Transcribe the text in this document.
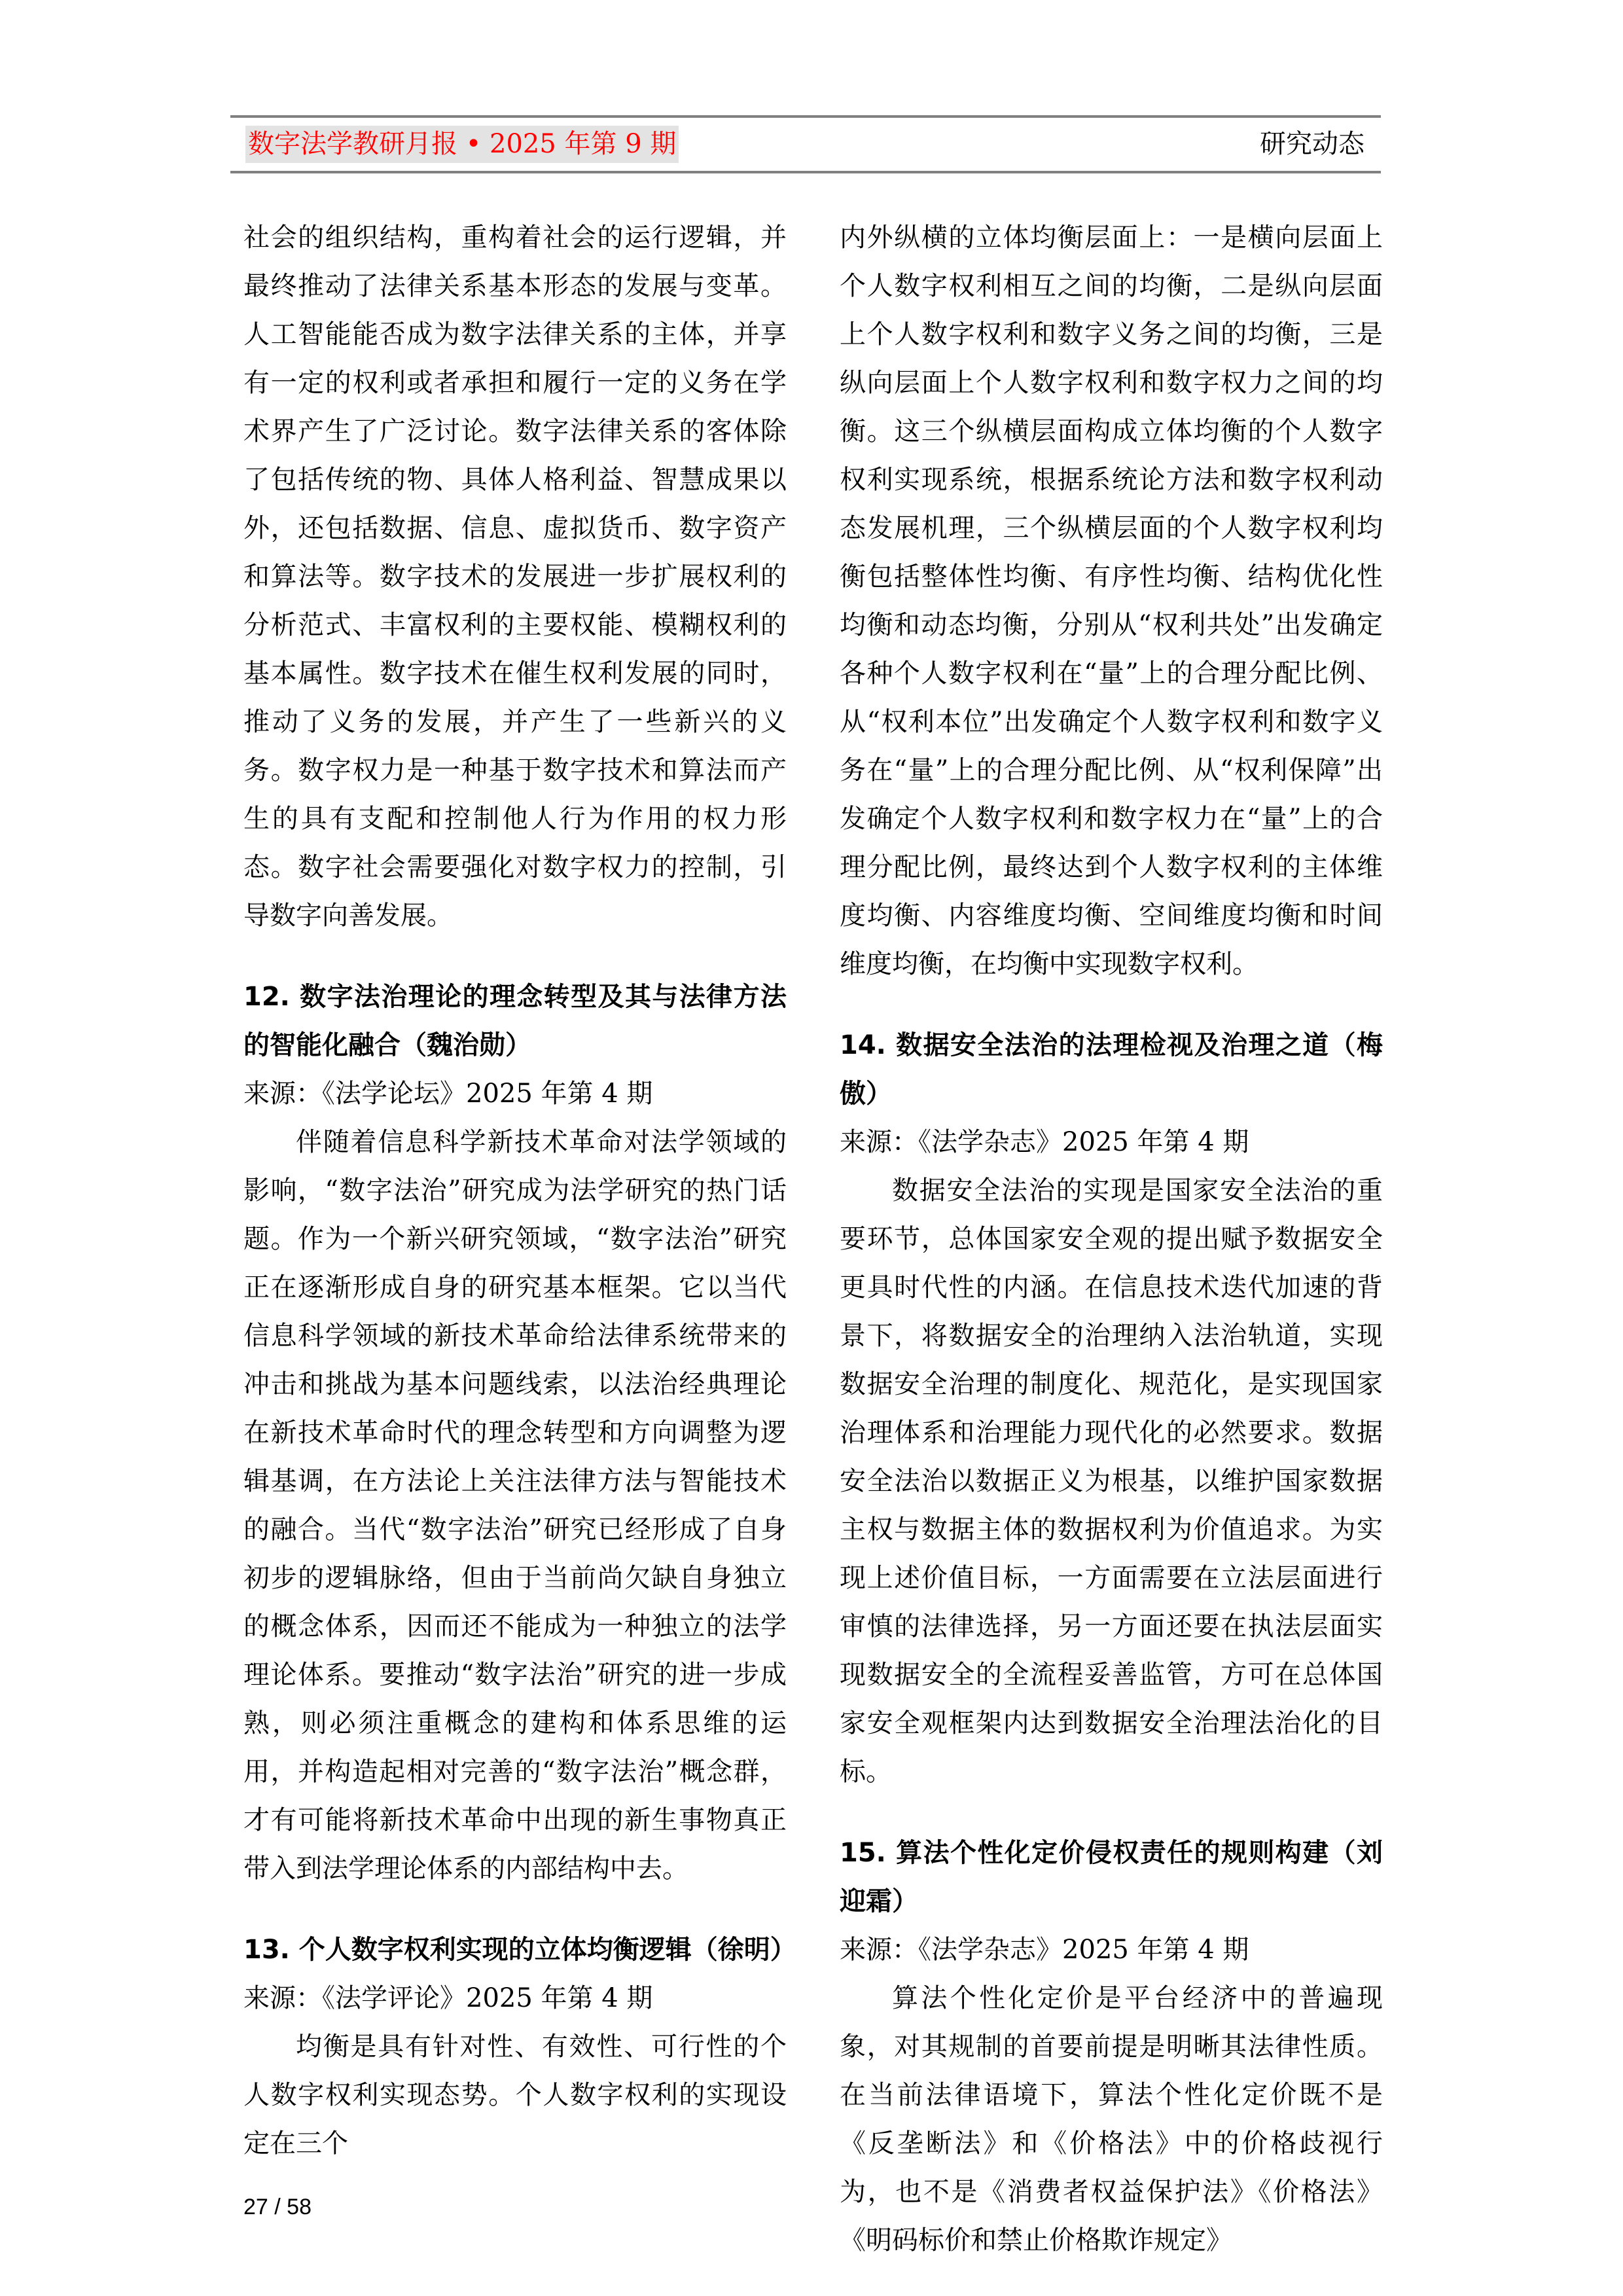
数字法学教研月报 • 2025 年第 9 期	研究动态

社会的组织结构，重构着社会的运行逻辑，并最终推动了法律关系基本形态的发展与变革。人工智能能否成为数字法律关系的主体，并享有一定的权利或者承担和履行一定的义务在学术界产生了广泛讨论。数字法律关系的客体除了包括传统的物、具体人格利益、智慧成果以外，还包括数据、信息、虚拟货币、数字资产和算法等。数字技术的发展进一步扩展权利的分析范式、丰富权利的主要权能、模糊权利的基本属性。数字技术在催生权利发展的同时，推动了义务的发展，并产生了一些新兴的义务。数字权力是一种基于数字技术和算法而产生的具有支配和控制他人行为作用的权力形态。数字社会需要强化对数字权力的控制，引导数字向善发展。

12. 数字法治理论的理念转型及其与法律方法的智能化融合（魏治勋）

来源：《法学论坛》2025 年第 4 期

伴随着信息科学新技术革命对法学领域的影响，“数字法治”研究成为法学研究的热门话题。作为一个新兴研究领域，“数字法治”研究正在逐渐形成自身的研究基本框架。它以当代信息科学领域的新技术革命给法律系统带来的冲击和挑战为基本问题线索，以法治经典理论在新技术革命时代的理念转型和方向调整为逻辑基调，在方法论上关注法律方法与智能技术的融合。当代“数字法治”研究已经形成了自身初步的逻辑脉络，但由于当前尚欠缺自身独立的概念体系，因而还不能成为一种独立的法学理论体系。要推动“数字法治”研究的进一步成熟，则必须注重概念的建构和体系思维的运用，并构造起相对完善的“数字法治”概念群，才有可能将新技术革命中出现的新生事物真正带入到法学理论体系的内部结构中去。

13. 个人数字权利实现的立体均衡逻辑（徐明）

来源：《法学评论》2025 年第 4 期

均衡是具有针对性、有效性、可行性的个人数字权利实现态势。个人数字权利的实现设定在三个

27 / 58

内外纵横的立体均衡层面上：一是横向层面上个人数字权利相互之间的均衡，二是纵向层面上个人数字权利和数字义务之间的均衡，三是纵向层面上个人数字权利和数字权力之间的均衡。这三个纵横层面构成立体均衡的个人数字权利实现系统，根据系统论方法和数字权利动态发展机理，三个纵横层面的个人数字权利均衡包括整体性均衡、有序性均衡、结构优化性均衡和动态均衡，分别从“权利共处”出发确定各种个人数字权利在“量”上的合理分配比例、从“权利本位”出发确定个人数字权利和数字义务在“量”上的合理分配比例、从“权利保障”出发确定个人数字权利和数字权力在“量”上的合理分配比例，最终达到个人数字权利的主体维度均衡、内容维度均衡、空间维度均衡和时间维度均衡，在均衡中实现数字权利。

14. 数据安全法治的法理检视及治理之道（梅傲）

来源：《法学杂志》2025 年第 4 期

数据安全法治的实现是国家安全法治的重要环节，总体国家安全观的提出赋予数据安全更具时代性的内涵。在信息技术迭代加速的背景下，将数据安全的治理纳入法治轨道，实现数据安全治理的制度化、规范化，是实现国家治理体系和治理能力现代化的必然要求。数据安全法治以数据正义为根基，以维护国家数据主权与数据主体的数据权利为价值追求。为实现上述价值目标，一方面需要在立法层面进行审慎的法律选择，另一方面还要在执法层面实现数据安全的全流程妥善监管，方可在总体国家安全观框架内达到数据安全治理法治化的目标。

15. 算法个性化定价侵权责任的规则构建（刘迎霜）

来源：《法学杂志》2025 年第 4 期

算法个性化定价是平台经济中的普遍现象，对其规制的首要前提是明晰其法律性质。在当前法律语境下，算法个性化定价既不是《反垄断法》和《价格法》中的价格歧视行为，也不是《消费者权益保护法》《价格法》《明码标价和禁止价格欺诈规定》
